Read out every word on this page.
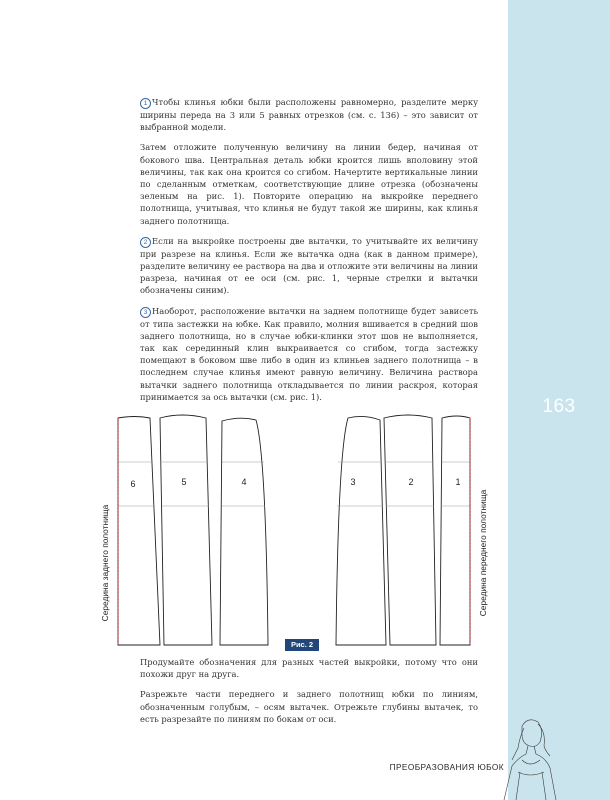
163

1 Чтобы клинья юбки были расположены равномерно, разделите мерку ширины переда на 3 или 5 равных отрезков (см. с. 136) – это зависит от выбранной модели.

Затем отложите полученную величину на линии бедер, начиная от бокового шва. Центральная деталь юбки кроится лишь вполовину этой величины, так как она кроится со сгибом. Начертите вертикальные линии по сделанным отметкам, соответствующие длине отрезка (обозначены зеленым на рис. 1). Повторите операцию на выкройке переднего полотнища, учитывая, что клинья не будут такой же ширины, как клинья заднего полотнища.

2 Если на выкройке построены две вытачки, то учитывайте их величину при разрезе на клинья. Если же вытачка одна (как в данном примере), разделите величину ее раствора на два и отложите эти величины на линии разреза, начиная от ее оси (см. рис. 1, черные стрелки и вытачки обозначены синим).

3 Наоборот, расположение вытачки на заднем полотнище будет зависеть от типа застежки на юбке. Как правило, молния вшивается в средний шов заднего полотнища, но в случае юбки-клинки этот шов не выполняется, так как серединный клин выкраивается со сгибом, тогда застежку помещают в боковом шве либо в один из клиньев заднего полотнища – в последнем случае клинья имеют равную величину. Величина раствора вытачки заднего полотнища откладывается по линии раскроя, которая принимается за ось вытачки (см. рис. 1).

6	5	4	3	2	1
Середина заднего полотнища	Середина переднего полотнища
Рис. 2

Продумайте обозначения для разных частей выкройки, потому что они похожи друг на друга.

Разрежьте части переднего и заднего полотнищ юбки по линиям, обозначенным голубым, – осям вытачек. Отрежьте глубины вытачек, то есть разрезайте по линиям по бокам от оси.

ПРЕОБРАЗОВАНИЯ ЮБОК
